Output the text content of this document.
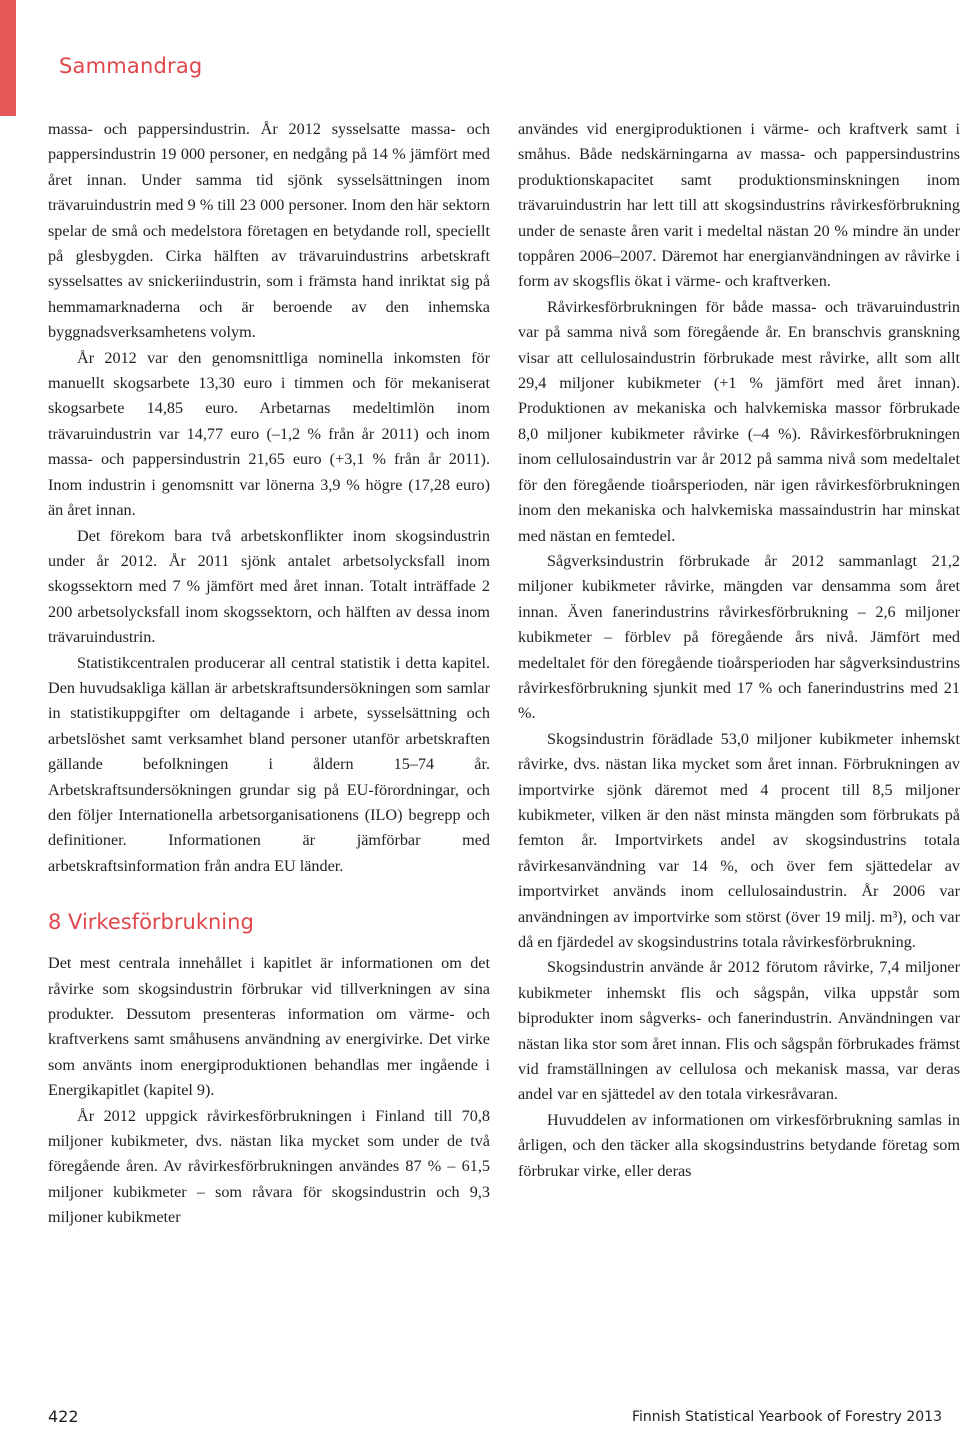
Sammandrag

massa- och pappersindustrin. År 2012 sysselsatte massa- och pappersindustrin 19 000 personer, en nedgång på 14 % jämfört med året innan. Under samma tid sjönk sysselsättningen inom trävaruindustrin med 9 % till 23 000 personer. Inom den här sektorn spelar de små och medelstora företagen en betydande roll, speciellt på glesbygden. Cirka hälften av trävaruindustrins arbetskraft sysselsattes av snickeriindustrin, som i främsta hand inriktat sig på hemmamarknaderna och är beroende av den inhemska byggnadsverksamhetens volym.

År 2012 var den genomsnittliga nominella inkomsten för manuellt skogsarbete 13,30 euro i timmen och för mekaniserat skogsarbete 14,85 euro. Arbetarnas medeltimlön inom trävaruindustrin var 14,77 euro (–1,2 % från år 2011) och inom massa- och pappersindustrin 21,65 euro (+3,1 % från år 2011). Inom industrin i genomsnitt var lönerna 3,9 % högre (17,28 euro) än året innan.

Det förekom bara två arbetskonflikter inom skogsindustrin under år 2012. År 2011 sjönk antalet arbetsolycksfall inom skogssektorn med 7 % jämfört med året innan. Totalt inträffade 2 200 arbetsolycksfall inom skogssektorn, och hälften av dessa inom trävaruindustrin.

Statistikcentralen producerar all central statistik i detta kapitel. Den huvudsakliga källan är arbetskraftsundersökningen som samlar in statistikuppgifter om deltagande i arbete, sysselsättning och arbetslöshet samt verksamhet bland personer utanför arbetskraften gällande befolkningen i åldern 15–74 år. Arbetskraftsundersökningen grundar sig på EU-förordningar, och den följer Internationella arbetsorganisationens (ILO) begrepp och definitioner. Informationen är jämförbar med arbetskraftsinformation från andra EU länder.

8 Virkesförbrukning

Det mest centrala innehållet i kapitlet är informationen om det råvirke som skogsindustrin förbrukar vid tillverkningen av sina produkter. Dessutom presenteras information om värme- och kraftverkens samt småhusens användning av energivirke. Det virke som använts inom energiproduktionen behandlas mer ingående i Energikapitlet (kapitel 9).

År 2012 uppgick råvirkesförbrukningen i Finland till 70,8 miljoner kubikmeter, dvs. nästan lika mycket som under de två föregående åren. Av råvirkesförbrukningen användes 87 % – 61,5 miljoner kubikmeter – som råvara för skogsindustrin och 9,3 miljoner kubikmeter

användes vid energiproduktionen i värme- och kraftverk samt i småhus. Både nedskärningarna av massa- och pappersindustrins produktionskapacitet samt produktionsminskningen inom trävaruindustrin har lett till att skogsindustrins råvirkesförbrukning under de senaste åren varit i medeltal nästan 20 % mindre än under toppåren 2006–2007. Däremot har energianvändningen av råvirke i form av skogsflis ökat i värme- och kraftverken.

Råvirkesförbrukningen för både massa- och trävaruindustrin var på samma nivå som föregående år. En branschvis granskning visar att cellulosaindustrin förbrukade mest råvirke, allt som allt 29,4 miljoner kubikmeter (+1 % jämfört med året innan). Produktionen av mekaniska och halvkemiska massor förbrukade 8,0 miljoner kubikmeter råvirke (–4 %). Råvirkesförbrukningen inom cellulosaindustrin var år 2012 på samma nivå som medeltalet för den föregående tioårsperioden, när igen råvirkesförbrukningen inom den mekaniska och halvkemiska massaindustrin har minskat med nästan en femtedel.

Sågverksindustrin förbrukade år 2012 sammanlagt 21,2 miljoner kubikmeter råvirke, mängden var densamma som året innan. Även fanerindustrins råvirkesförbrukning – 2,6 miljoner kubikmeter – förblev på föregående års nivå. Jämfört med medeltalet för den föregående tioårsperioden har sågverksindustrins råvirkesförbrukning sjunkit med 17 % och fanerindustrins med 21 %.

Skogsindustrin förädlade 53,0 miljoner kubikmeter inhemskt råvirke, dvs. nästan lika mycket som året innan. Förbrukningen av importvirke sjönk däremot med 4 procent till 8,5 miljoner kubikmeter, vilken är den näst minsta mängden som förbrukats på femton år. Importvirkets andel av skogsindustrins totala råvirkesanvändning var 14 %, och över fem sjättedelar av importvirket används inom cellulosaindustrin. År 2006 var användningen av importvirke som störst (över 19 milj. m³), och var då en fjärdedel av skogsindustrins totala råvirkesförbrukning.

Skogsindustrin använde år 2012 förutom råvirke, 7,4 miljoner kubikmeter inhemskt flis och sågspån, vilka uppstår som biprodukter inom sågverks- och fanerindustrin. Användningen var nästan lika stor som året innan. Flis och sågspån förbrukades främst vid framställningen av cellulosa och mekanisk massa, var deras andel var en sjättedel av den totala virkesråvaran.

Huvuddelen av informationen om virkesförbrukning samlas in årligen, och den täcker alla skogsindustrins betydande företag som förbrukar virke, eller deras

422	Finnish Statistical Yearbook of Forestry 2013
